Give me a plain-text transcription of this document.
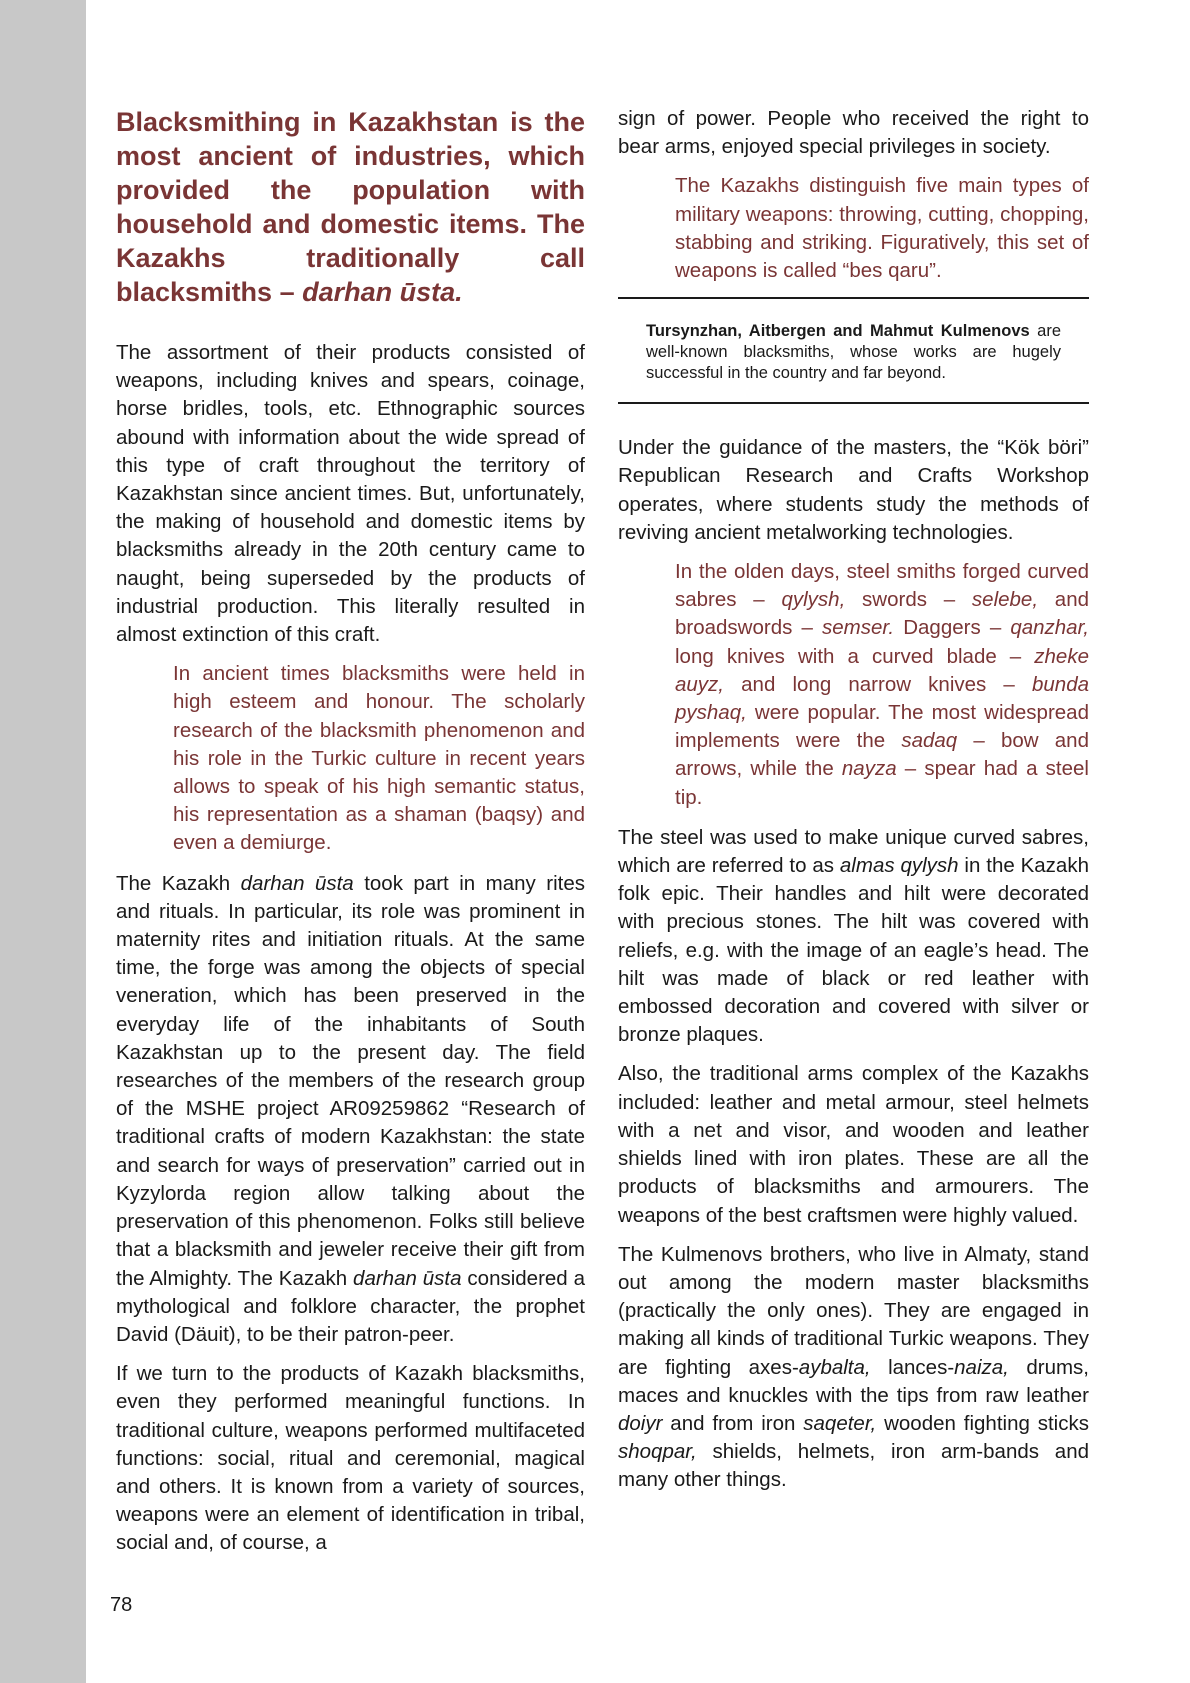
Blacksmithing in Kazakhstan is the most ancient of industries, which provided the population with household and domestic items. The Kazakhs traditionally call blacksmiths – darhan ūsta.
The assortment of their products consisted of weapons, including knives and spears, coinage, horse bridles, tools, etc. Ethnographic sources abound with information about the wide spread of this type of craft throughout the territory of Kazakhstan since ancient times. But, unfortunately, the making of household and domestic items by blacksmiths already in the 20th century came to naught, being superseded by the products of industrial production. This literally resulted in almost extinction of this craft.
In ancient times blacksmiths were held in high esteem and honour. The scholarly research of the blacksmith phenomenon and his role in the Turkic culture in recent years allows to speak of his high semantic status, his representation as a shaman (baqsy) and even a demiurge.
The Kazakh darhan ūsta took part in many rites and rituals. In particular, its role was prominent in maternity rites and initiation rituals. At the same time, the forge was among the objects of special veneration, which has been preserved in the everyday life of the inhabitants of South Kazakhstan up to the present day. The field researches of the members of the research group of the MSHE project AR09259862 “Research of traditional crafts of modern Kazakhstan: the state and search for ways of preservation” carried out in Kyzylorda region allow talking about the preservation of this phenomenon. Folks still believe that a blacksmith and jeweler receive their gift from the Almighty. The Kazakh darhan ūsta considered a mythological and folklore character, the prophet David (Däuit), to be their patron-peer.
If we turn to the products of Kazakh blacksmiths, even they performed meaningful functions. In traditional culture, weapons performed multifaceted functions: social, ritual and ceremonial, magical and others. It is known from a variety of sources, weapons were an element of identification in tribal, social and, of course, a
sign of power. People who received the right to bear arms, enjoyed special privileges in society.
The Kazakhs distinguish five main types of military weapons: throwing, cutting, chopping, stabbing and striking. Figuratively, this set of weapons is called “bes qaru”.
Tursynzhan, Aitbergen and Mahmut Kulmenovs are well-known blacksmiths, whose works are hugely successful in the country and far beyond.
Under the guidance of the masters, the “Kök böri” Republican Research and Crafts Workshop operates, where students study the methods of reviving ancient metalworking technologies.
In the olden days, steel smiths forged curved sabres – qylysh, swords – selebe, and broadswords – semser. Daggers – qanzhar, long knives with a curved blade – zheke auyz, and long narrow knives – bunda pyshaq, were popular. The most widespread implements were the sadaq – bow and arrows, while the nayza – spear had a steel tip.
The steel was used to make unique curved sabres, which are referred to as almas qylysh in the Kazakh folk epic. Their handles and hilt were decorated with precious stones. The hilt was covered with reliefs, e.g. with the image of an eagle’s head. The hilt was made of black or red leather with embossed decoration and covered with silver or bronze plaques.
Also, the traditional arms complex of the Kazakhs included: leather and metal armour, steel helmets with a net and visor, and wooden and leather shields lined with iron plates. These are all the products of blacksmiths and armourers. The weapons of the best craftsmen were highly valued.
The Kulmenovs brothers, who live in Almaty, stand out among the modern master blacksmiths (practically the only ones). They are engaged in making all kinds of traditional Turkic weapons. They are fighting axes-aybalta, lances-naiza, drums, maces and knuckles with the tips from raw leather doiyr and from iron saqeter, wooden fighting sticks shoqpar, shields, helmets, iron arm-bands and many other things.
78
